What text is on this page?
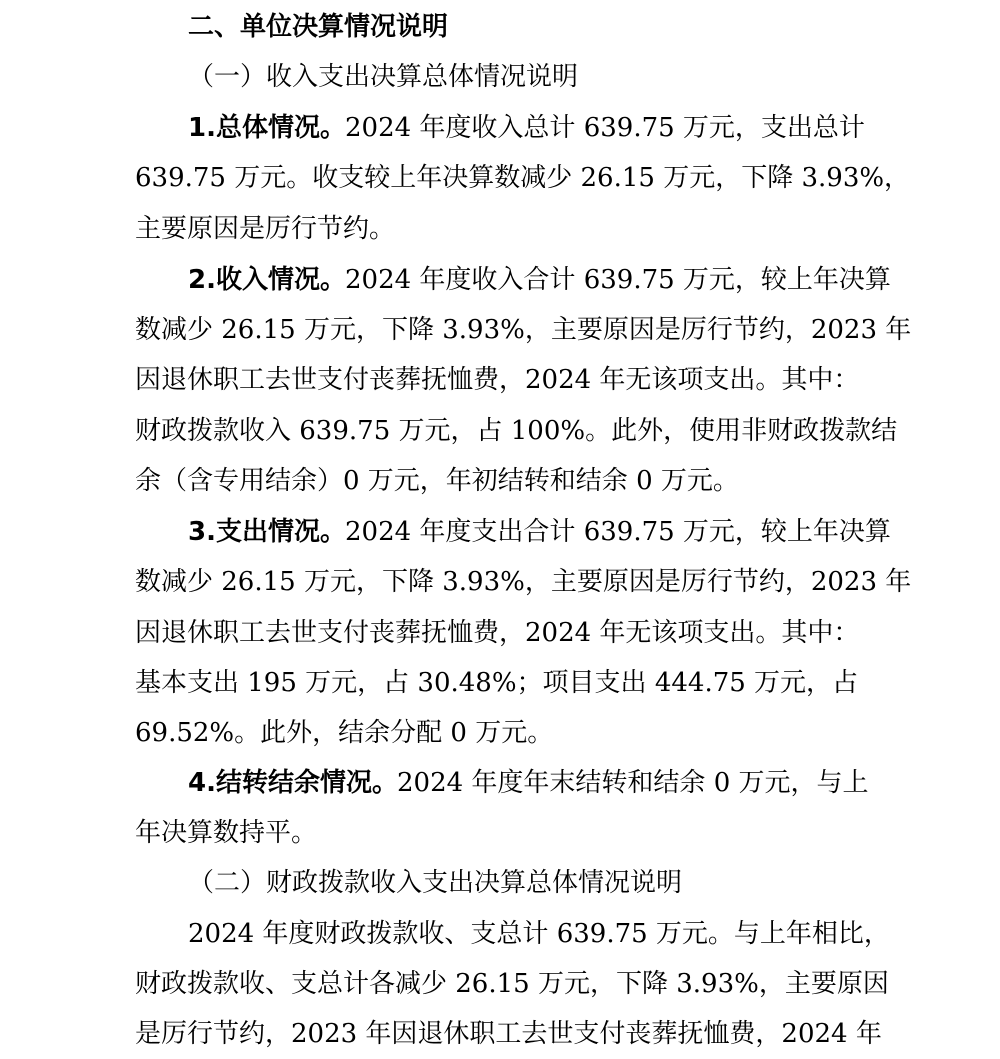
二、单位决算情况说明
（一）收入支出决算总体情况说明
1.总体情况。 2024 年度收入总计 639.75 万元，支出总计
639.75 万元。收支较上年决算数减少 26.15 万元，下降 3.93%，
主要原因是厉行节约。
2.收入情况。 2024 年度收入合计 639.75 万元，较上年决算
数减少 26.15 万元，下降 3.93%，主要原因是厉行节约，2023 年
因退休职工去世支付丧葬抚恤费，2024 年无该项支出。其中：
财政拨款收入 639.75 万元，占 100%。此外，使用非财政拨款结
余（含专用结余）0 万元，年初结转和结余 0 万元。
3.支出情况。 2024 年度支出合计 639.75 万元，较上年决算
数减少 26.15 万元，下降 3.93%，主要原因是厉行节约，2023 年
因退休职工去世支付丧葬抚恤费，2024 年无该项支出。其中：
基本支出 195 万元，占 30.48%；项目支出 444.75 万元，占
69.52%。此外，结余分配 0 万元。
4.结转结余情况。 2024 年度年末结转和结余 0 万元，与上
年决算数持平。
（二）财政拨款收入支出决算总体情况说明
2024 年度财政拨款收、支总计 639.75 万元。与上年相比，
财政拨款收、支总计各减少 26.15 万元，下降 3.93%，主要原因
是厉行节约，2023 年因退休职工去世支付丧葬抚恤费，2024 年
